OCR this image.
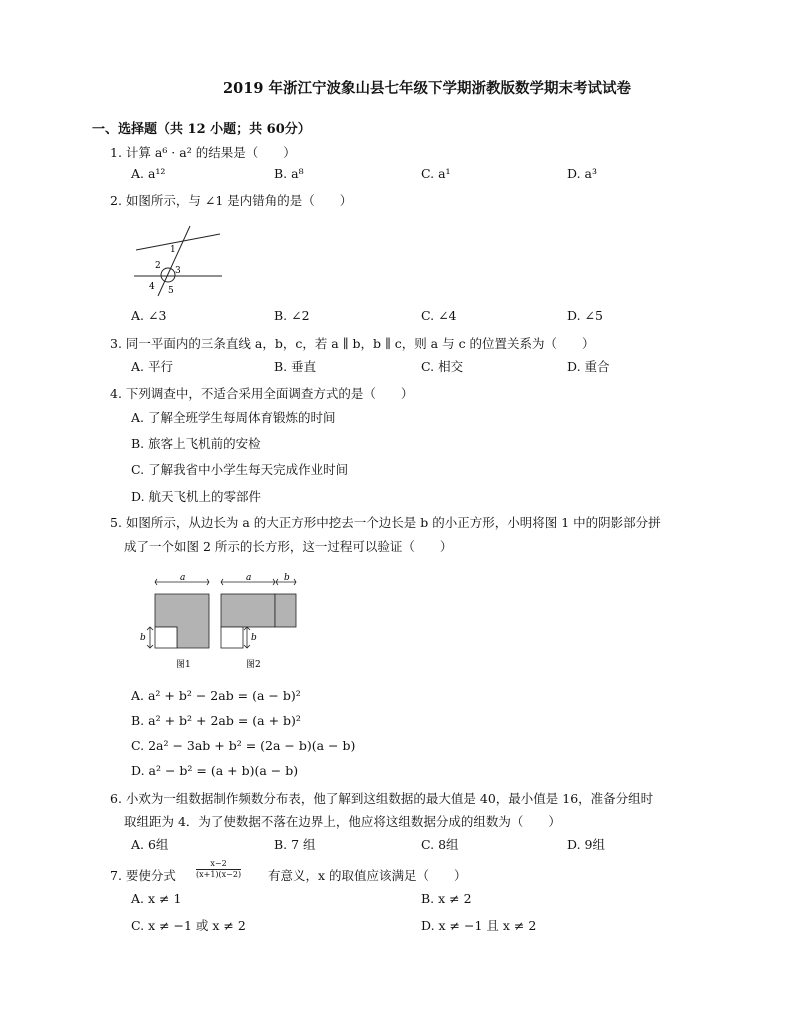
2019 年浙江宁波象山县七年级下学期浙教版数学期末考试试卷
一、选择题（共 12 小题；共 60分）
1. 计算 a⁶ · a² 的结果是（　　）
A. a¹²	B. a⁸	C. a¹	D. a³
2. 如图所示，与 ∠1 是内错角的是（　　）
1
2 3
4 5
A. ∠3	B. ∠2	C. ∠4	D. ∠5
3. 同一平面内的三条直线 a，b，c，若 a ∥ b，b ∥ c，则 a 与 c 的位置关系为（　　）
A. 平行	B. 垂直	C. 相交	D. 重合
4. 下列调查中，不适合采用全面调查方式的是（　　）
A. 了解全班学生每周体育锻炼的时间
B. 旅客上飞机前的安检
C. 了解我省中小学生每天完成作业时间
D. 航天飞机上的零部件
5. 如图所示，从边长为 a 的大正方形中挖去一个边长是 b 的小正方形，小明将图 1 中的阴影部分拼
成了一个如图 2 所示的长方形，这一过程可以验证（　　）
a
b
图1
a	b
b
图2
A. a² + b² − 2ab = (a − b)²
B. a² + b² + 2ab = (a + b)²
C. 2a² − 3ab + b² = (2a − b)(a − b)
D. a² − b² = (a + b)(a − b)
6. 小欢为一组数据制作频数分布表，他了解到这组数据的最大值是 40，最小值是 16，准备分组时
取组距为 4．为了使数据不落在边界上，他应将这组数据分成的组数为（　　）
A. 6组	B. 7 组	C. 8组	D. 9组
7. 要使分式	$\frac{x-2}{(x+1)(x-2)}$ 有意义，x 的取值应该满足（　　）
A. x ≠ 1	B. x ≠ 2
C. x ≠ −1 或 x ≠ 2	D. x ≠ −1 且 x ≠ 2
